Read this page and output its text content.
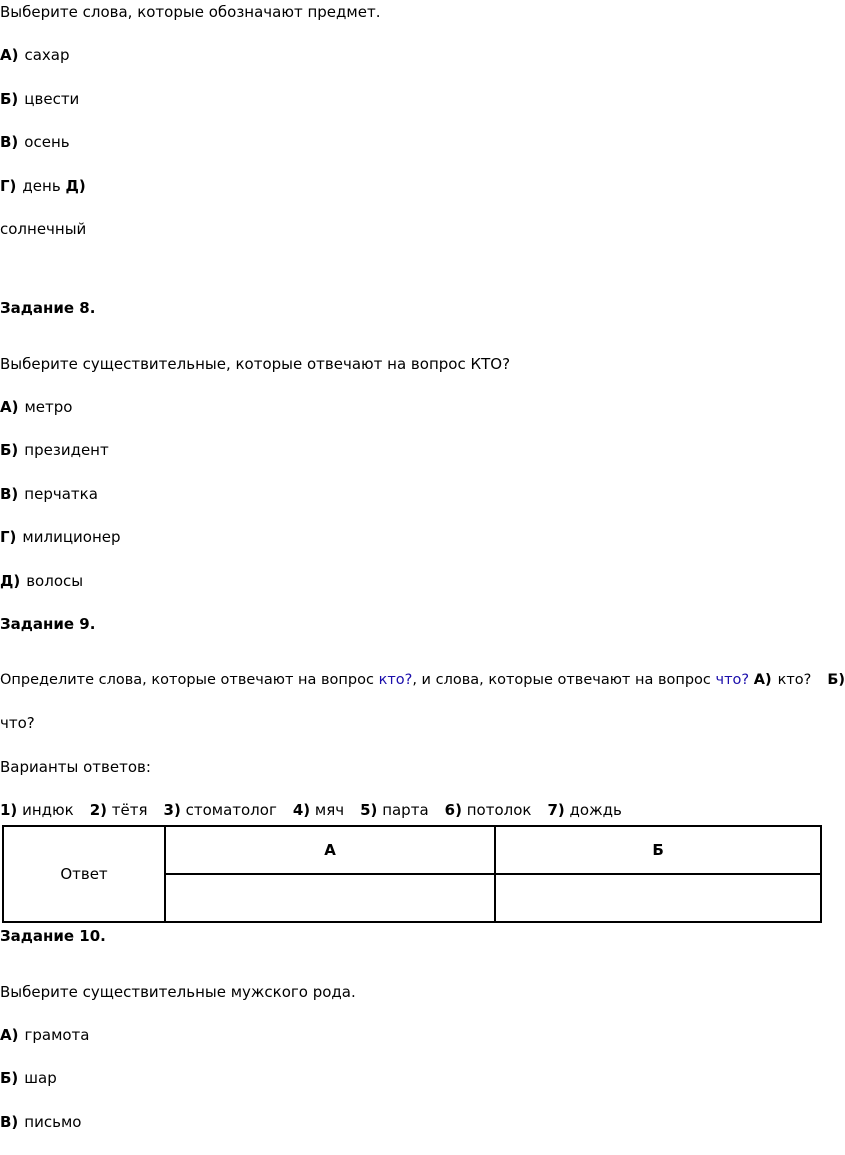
Выберите слова, которые обозначают предмет.
А) сахар
Б) цвести
В) осень
Г) день Д)
солнечный
Задание 8.
Выберите существительные, которые отвечают на вопрос КТО?
А) метро
Б) президент
В) перчатка
Г) милиционер
Д) волосы
Задание 9.
Определите слова, которые отвечают на вопрос кто?, и слова, которые отвечают на вопрос что? А) кто? Б)
что?
Варианты ответов:
1) индюк 2) тётя 3) стоматолог 4) мяч 5) парта 6) потолок 7) дождь
Ответ	А	Б

Задание 10.
Выберите существительные мужского рода.
А) грамота
Б) шар
В) письмо
